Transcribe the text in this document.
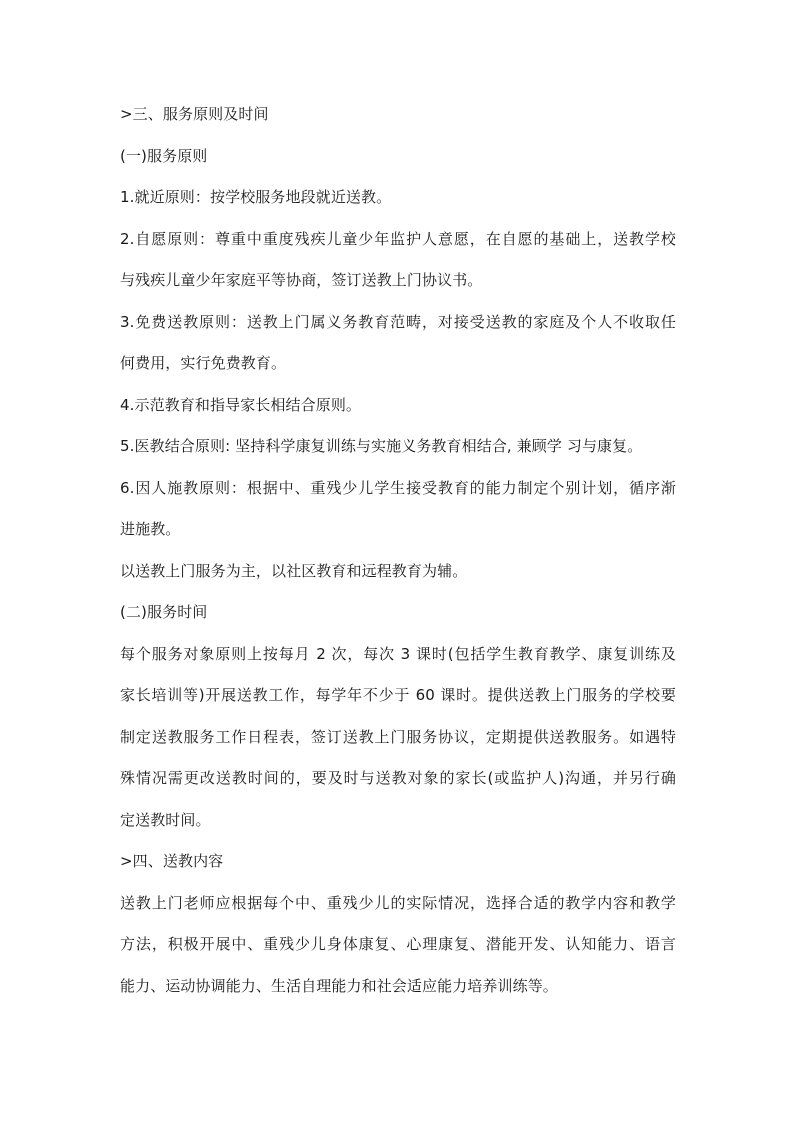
>三、服务原则及时间
(一)服务原则
1.就近原则：按学校服务地段就近送教。
2.自愿原则：尊重中重度残疾儿童少年监护人意愿，在自愿的基础上，送教学校
与残疾儿童少年家庭平等协商，签订送教上门协议书。
3.免费送教原则：送教上门属义务教育范畴，对接受送教的家庭及个人不收取任
何费用，实行免费教育。
4.示范教育和指导家长相结合原则。
5.医教结合原则: 坚持科学康复训练与实施义务教育相结合, 兼顾学 习与康复。
6.因人施教原则：根据中、重残少儿学生接受教育的能力制定个别计划，循序渐
进施教。
以送教上门服务为主，以社区教育和远程教育为辅。
(二)服务时间
每个服务对象原则上按每月 2 次，每次 3 课时(包括学生教育教学、康复训练及
家长培训等)开展送教工作，每学年不少于 60 课时。提供送教上门服务的学校要
制定送教服务工作日程表，签订送教上门服务协议，定期提供送教服务。如遇特
殊情况需更改送教时间的，要及时与送教对象的家长(或监护人)沟通，并另行确
定送教时间。
>四、送教内容
送教上门老师应根据每个中、重残少儿的实际情况，选择合适的教学内容和教学
方法，积极开展中、重残少儿身体康复、心理康复、潜能开发、认知能力、语言
能力、运动协调能力、生活自理能力和社会适应能力培养训练等。
